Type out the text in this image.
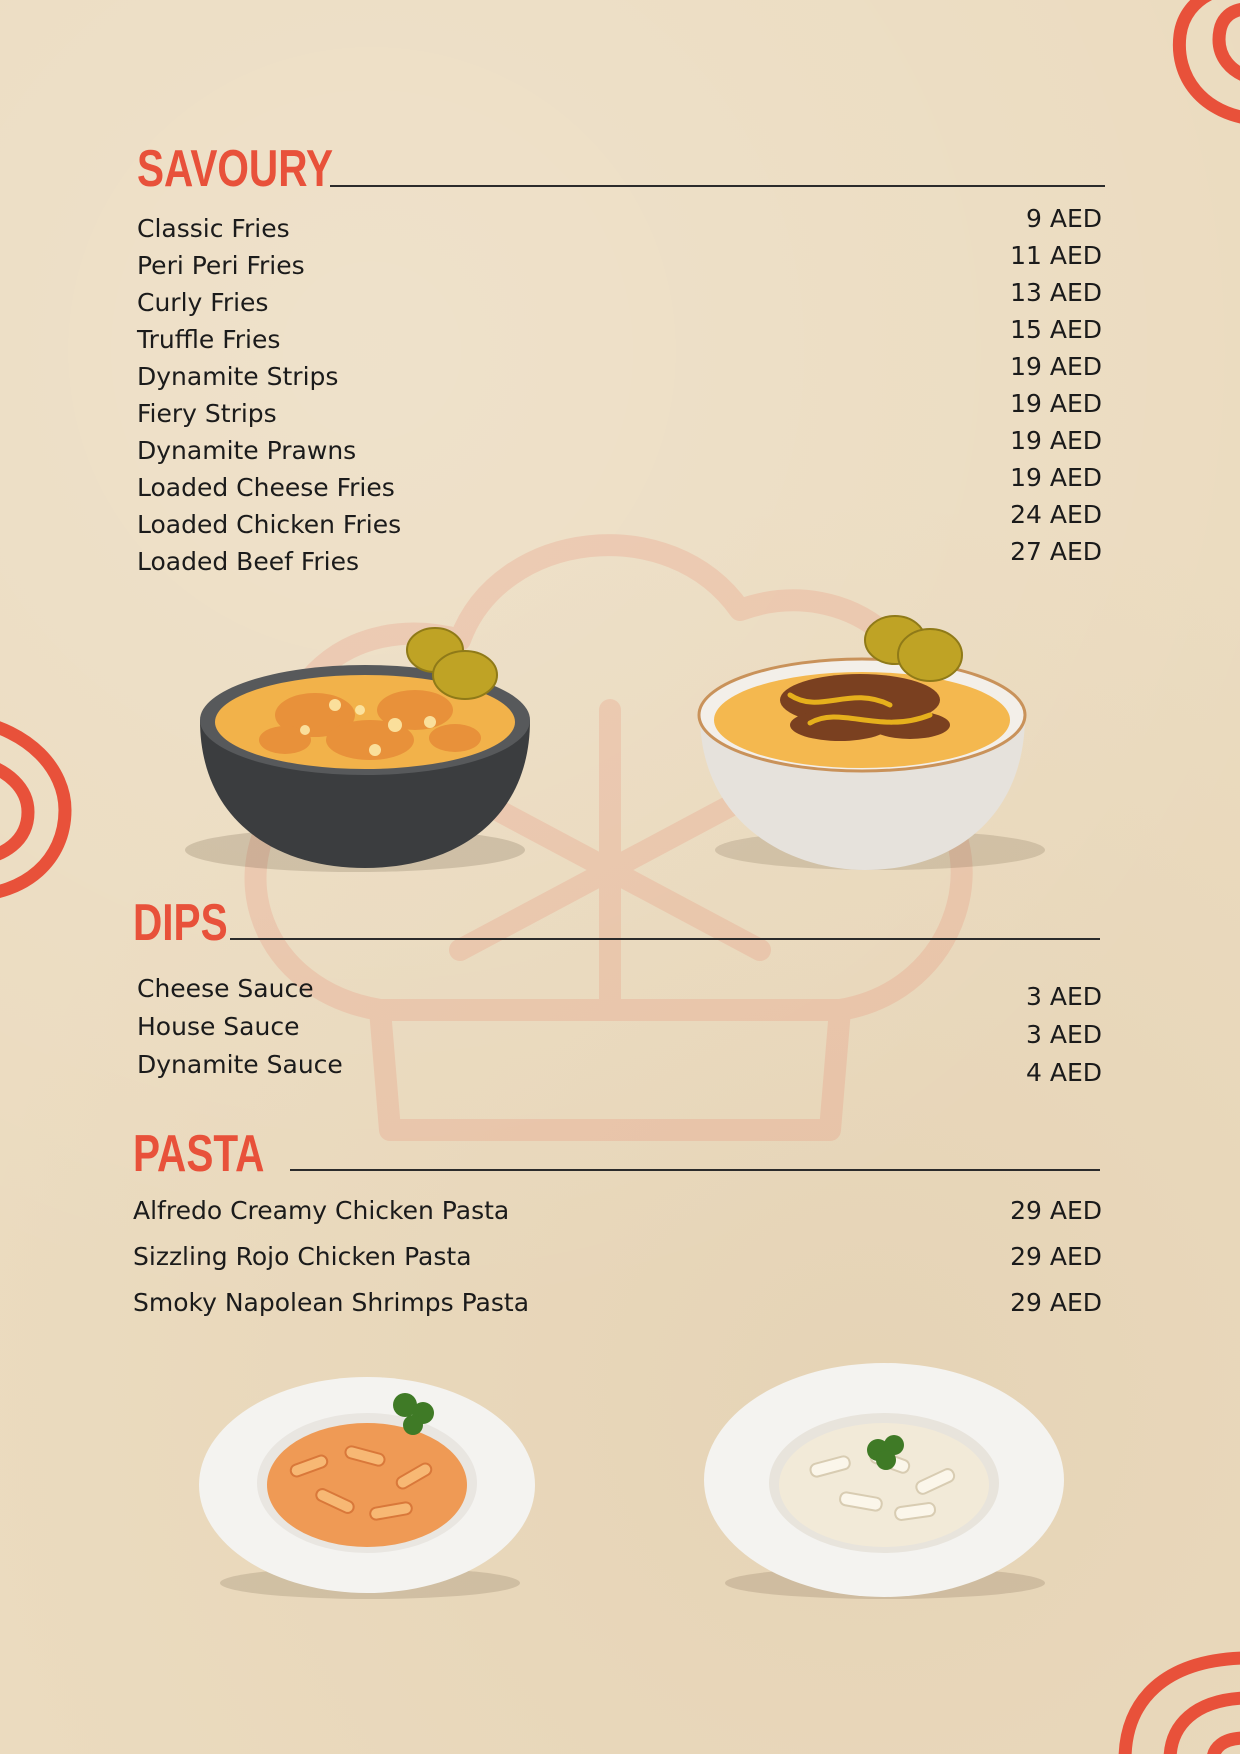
SAVOURY
Classic Fries	9 AED
Peri Peri Fries	11 AED
Curly Fries	13 AED
Truffle Fries	15 AED
Dynamite Strips	19 AED
Fiery Strips	19 AED
Dynamite Prawns	19 AED
Loaded Cheese Fries	19 AED
Loaded Chicken Fries	24 AED
Loaded Beef Fries	27 AED
DIPS
Cheese Sauce	3 AED
House Sauce	3 AED
Dynamite Sauce	4 AED
PASTA
Alfredo Creamy Chicken Pasta	29 AED
Sizzling Rojo Chicken Pasta	29 AED
Smoky Napolean Shrimps Pasta	29 AED
